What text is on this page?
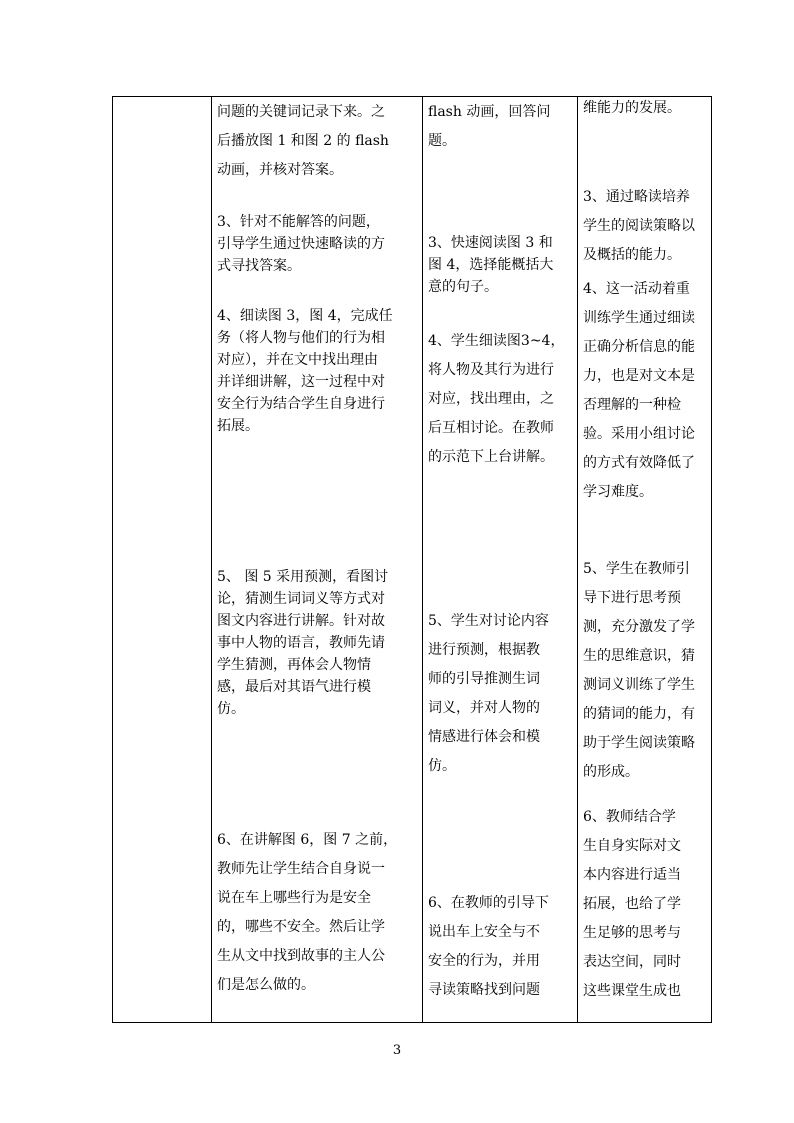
问题的关键词记录下来。之

后播放图 1 和图 2 的 flash

动画，并核对答案。

3、针对不能解答的问题，

引导学生通过快速略读的方

式寻找答案。

4、细读图 3，图 4，完成任

务（将人物与他们的行为相

对应），并在文中找出理由

并详细讲解，这一过程中对

安全行为结合学生自身进行

拓展。

5、 图 5 采用预测，看图讨

论，猜测生词词义等方式对

图文内容进行讲解。针对故

事中人物的语言，教师先请

学生猜测，再体会人物情

感，最后对其语气进行模

仿。

6、在讲解图 6，图 7 之前，

教师先让学生结合自身说一

说在车上哪些行为是安全

的，哪些不安全。然后让学

生从文中找到故事的主人公

们是怎么做的。

flash 动画，回答问

题。

3、快速阅读图 3 和

图 4，选择能概括大

意的句子。

4、学生细读图3~4，

将人物及其行为进行

对应，找出理由，之

后互相讨论。在教师

的示范下上台讲解。

5、学生对讨论内容

进行预测，根据教

师的引导推测生词

词义，并对人物的

情感进行体会和模

仿。

6、在教师的引导下

说出车上安全与不

安全的行为，并用

寻读策略找到问题

维能力的发展。

3、通过略读培养

学生的阅读策略以

及概括的能力。

4、这一活动着重

训练学生通过细读

正确分析信息的能

力，也是对文本是

否理解的一种检

验。采用小组讨论

的方式有效降低了

学习难度。

5、学生在教师引

导下进行思考预

测，充分激发了学

生的思维意识，猜

测词义训练了学生

的猜词的能力，有

助于学生阅读策略

的形成。

6、教师结合学

生自身实际对文

本内容进行适当

拓展，也给了学

生足够的思考与

表达空间，同时

这些课堂生成也

3
